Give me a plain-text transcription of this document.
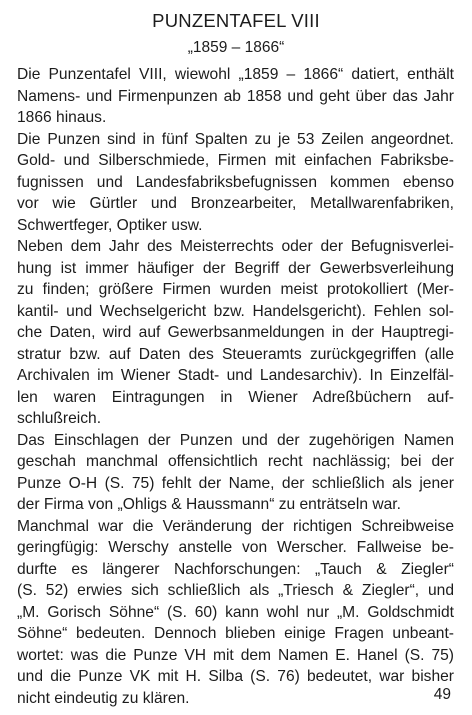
PUNZENTAFEL VIII
„1859 – 1866“
Die Punzentafel VIII, wiewohl „1859 – 1866“ datiert, enthält
Namens- und Firmenpunzen ab 1858 und geht über das Jahr
1866 hinaus.
Die Punzen sind in fünf Spalten zu je 53 Zeilen angeordnet.
Gold- und Silberschmiede, Firmen mit einfachen Fabriksbe-
fugnissen und Landesfabriksbefugnissen kommen ebenso
vor wie Gürtler und Bronzearbeiter, Metallwarenfabriken,
Schwertfeger, Optiker usw.
Neben dem Jahr des Meisterrechts oder der Befugnisverlei-
hung ist immer häufiger der Begriff der Gewerbsverleihung
zu finden; größere Firmen wurden meist protokolliert (Mer-
kantil- und Wechselgericht bzw. Handelsgericht). Fehlen sol-
che Daten, wird auf Gewerbsanmeldungen in der Hauptregi-
stratur bzw. auf Daten des Steueramts zurückgegriffen (alle
Archivalen im Wiener Stadt- und Landesarchiv). In Einzelfäl-
len waren Eintragungen in Wiener Adreßbüchern auf-
schlußreich.
Das Einschlagen der Punzen und der zugehörigen Namen
geschah manchmal offensichtlich recht nachlässig; bei der
Punze O-H (S. 75) fehlt der Name, der schließlich als jener
der Firma von „Ohligs & Haussmann“ zu enträtseln war.
Manchmal war die Veränderung der richtigen Schreibweise
geringfügig: Werschy anstelle von Werscher. Fallweise be-
durfte es längerer Nachforschungen: „Tauch & Ziegler“
(S. 52) erwies sich schließlich als „Triesch & Ziegler“, und
„M. Gorisch Söhne“ (S. 60) kann wohl nur „M. Goldschmidt
Söhne“ bedeuten. Dennoch blieben einige Fragen unbeant-
wortet: was die Punze VH mit dem Namen E. Hanel (S. 75)
und die Punze VK mit H. Silba (S. 76) bedeutet, war bisher
nicht eindeutig zu klären.	49
